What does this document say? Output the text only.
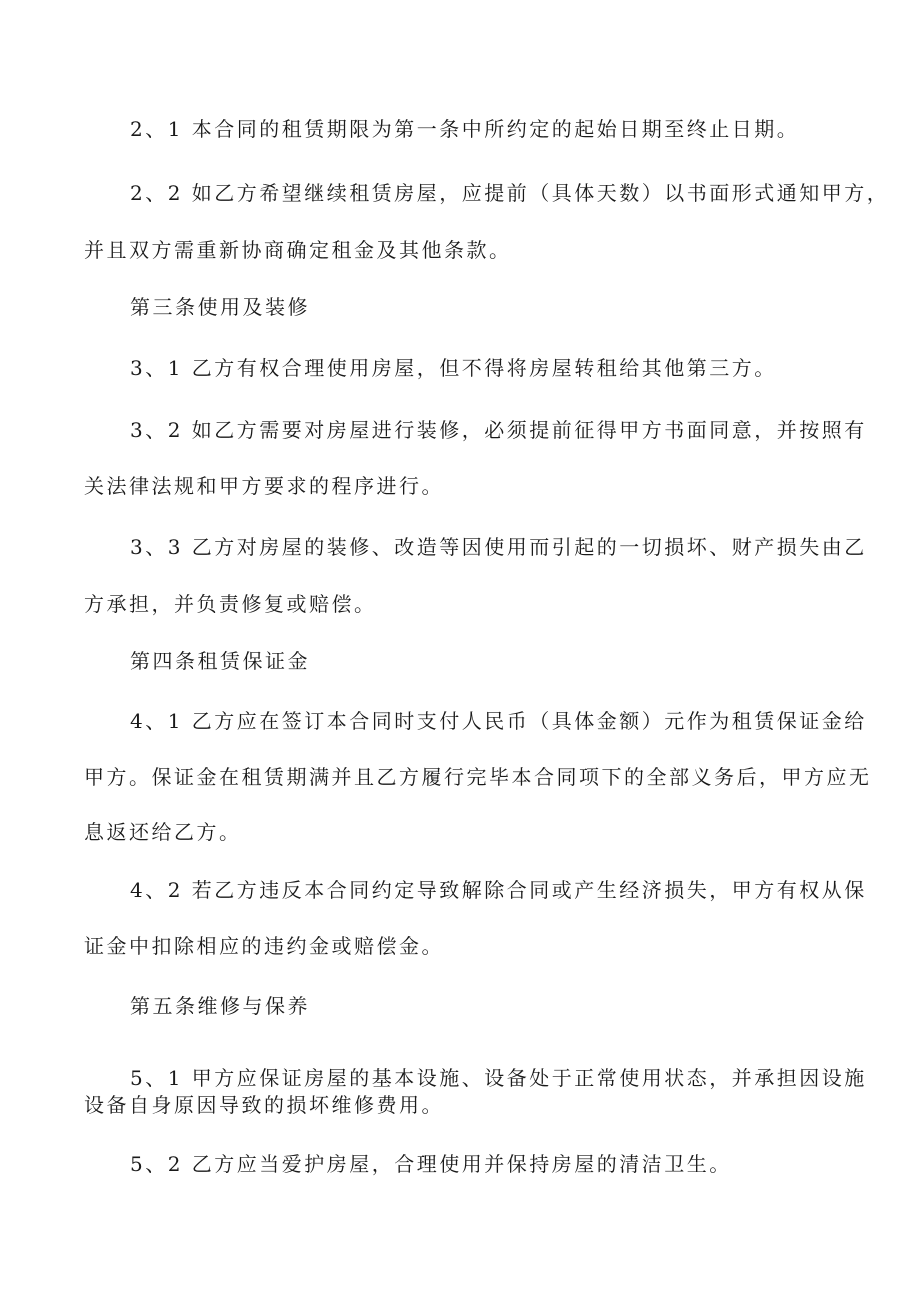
2、1 本合同的租赁期限为第一条中所约定的起始日期至终止日期。
2、2 如乙方希望继续租赁房屋，应提前（具体天数）以书面形式通知甲方，
并且双方需重新协商确定租金及其他条款。
第三条使用及装修
3、1 乙方有权合理使用房屋，但不得将房屋转租给其他第三方。
3、2 如乙方需要对房屋进行装修，必须提前征得甲方书面同意，并按照有
关法律法规和甲方要求的程序进行。
3、3 乙方对房屋的装修、改造等因使用而引起的一切损坏、财产损失由乙
方承担，并负责修复或赔偿。
第四条租赁保证金
4、1 乙方应在签订本合同时支付人民币（具体金额）元作为租赁保证金给
甲方。保证金在租赁期满并且乙方履行完毕本合同项下的全部义务后，甲方应无
息返还给乙方。
4、2 若乙方违反本合同约定导致解除合同或产生经济损失，甲方有权从保
证金中扣除相应的违约金或赔偿金。
第五条维修与保养
5、1 甲方应保证房屋的基本设施、设备处于正常使用状态，并承担因设施
设备自身原因导致的损坏维修费用。
5、2 乙方应当爱护房屋，合理使用并保持房屋的清洁卫生。
